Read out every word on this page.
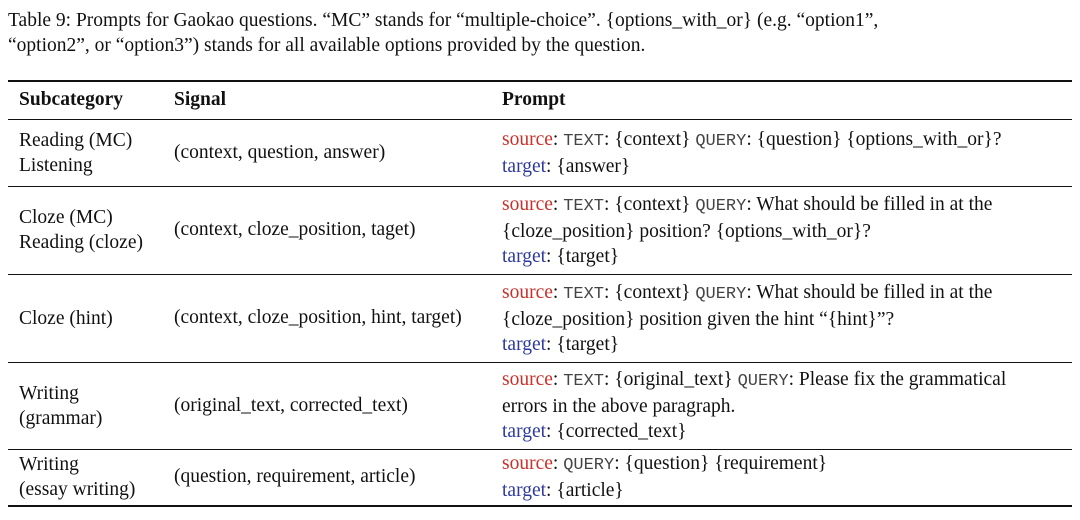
Table 9: Prompts for Gaokao questions. “MC” stands for “multiple-choice”. {options_with_or} (e.g. “option1”,
“option2”, or “option3”) stands for all available options provided by the question.
Subcategory	Signal	Prompt

Reading (MC)
Listening	(context, question, answer)	source: TEXT: {context} QUERY: {question} {options_with_or}?
target: {answer}

Cloze (MC)
Reading (cloze)	(context, cloze_position, taget)	source: TEXT: {context} QUERY: What should be filled in at the
{cloze_position} position? {options_with_or}?
target: {target}

Cloze (hint)	(context, cloze_position, hint, target)	source: TEXT: {context} QUERY: What should be filled in at the
{cloze_position} position given the hint “{hint}”?
target: {target}

Writing
(grammar)	(original_text, corrected_text)	source: TEXT: {original_text} QUERY: Please fix the grammatical
errors in the above paragraph.
target: {corrected_text}

Writing
(essay writing)	(question, requirement, article)	source: QUERY: {question} {requirement}
target: {article}
